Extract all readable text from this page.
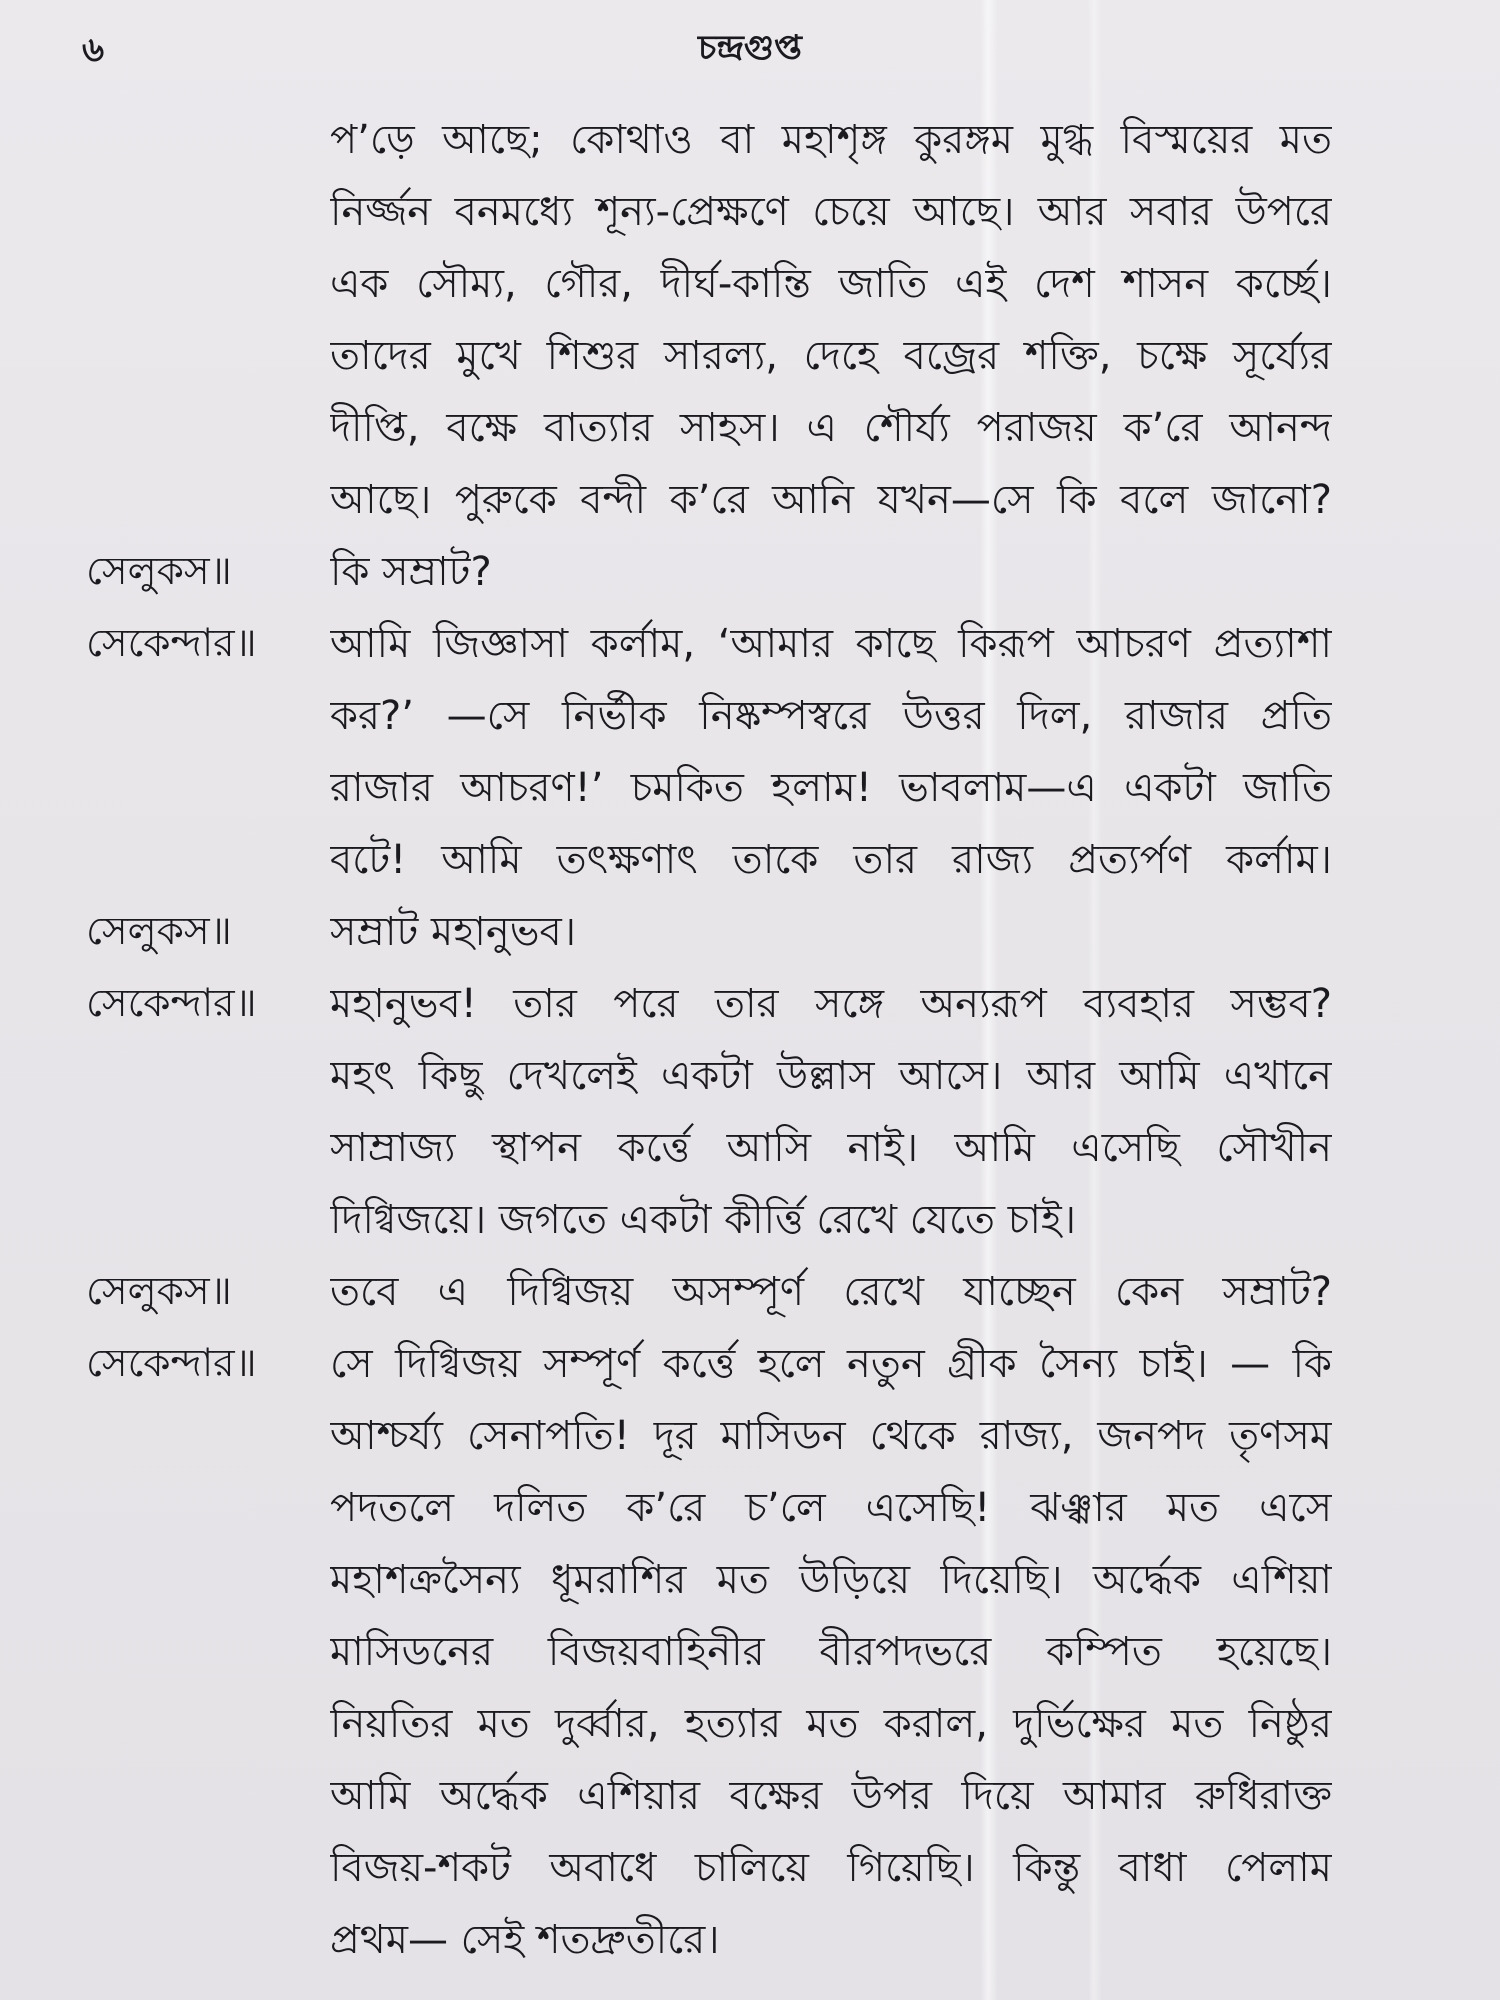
৬	চন্দ্রগুপ্ত
প’ড়ে আছে; কোথাও বা মহাশৃঙ্গ কুরঙ্গম মুগ্ধ বিস্ময়ের মত
নির্জ্জন বনমধ্যে শূন্য-প্রেক্ষণে চেয়ে আছে। আর সবার উপরে
এক সৌম্য, গৌর, দীর্ঘ-কান্তি জাতি এই দেশ শাসন কর্চ্ছে।
তাদের মুখে শিশুর সারল্য, দেহে বজ্রের শক্তি, চক্ষে সূর্য্যের
দীপ্তি, বক্ষে বাত্যার সাহস। এ শৌর্য্য পরাজয় ক’রে আনন্দ
আছে। পুরুকে বন্দী ক’রে আনি যখন—সে কি বলে জানো?
সেলুকস॥	কি সম্রাট?
সেকেন্দার॥	আমি জিজ্ঞাসা কর্লাম, ‘আমার কাছে কিরূপ আচরণ প্রত্যাশা
কর?’ —সে নির্ভীক নিষ্কম্পস্বরে উত্তর দিল, রাজার প্রতি
রাজার আচরণ!’ চমকিত হলাম! ভাবলাম—এ একটা জাতি
বটে! আমি তৎক্ষণাৎ তাকে তার রাজ্য প্রত্যর্পণ কর্লাম।
সেলুকস॥	সম্রাট মহানুভব।
সেকেন্দার॥	মহানুভব! তার পরে তার সঙ্গে অন্যরূপ ব্যবহার সম্ভব?
মহৎ কিছু দেখলেই একটা উল্লাস আসে। আর আমি এখানে
সাম্রাজ্য স্থাপন কর্ত্তে আসি নাই। আমি এসেছি সৌখীন
দিগ্বিজয়ে। জগতে একটা কীর্ত্তি রেখে যেতে চাই।
সেলুকস॥	তবে এ দিগ্বিজয় অসম্পূর্ণ রেখে যাচ্ছেন কেন সম্রাট?
সেকেন্দার॥	সে দিগ্বিজয় সম্পূর্ণ কর্ত্তে হলে নতুন গ্রীক সৈন্য চাই। — কি
আশ্চর্য্য সেনাপতি! দূর মাসিডন থেকে রাজ্য, জনপদ তৃণসম
পদতলে দলিত ক’রে চ’লে এসেছি! ঝঞ্ঝার মত এসে
মহাশক্রসৈন্য ধূমরাশির মত উড়িয়ে দিয়েছি। অর্দ্ধেক এশিয়া
মাসিডনের বিজয়বাহিনীর বীরপদভরে কম্পিত হয়েছে।
নিয়তির মত দুর্ব্বার, হত্যার মত করাল, দুর্ভিক্ষের মত নিষ্ঠুর
আমি অর্দ্ধেক এশিয়ার বক্ষের উপর দিয়ে আমার রুধিরাক্ত
বিজয়-শকট অবাধে চালিয়ে গিয়েছি। কিন্তু বাধা পেলাম
প্রথম— সেই শতদ্রুতীরে।
